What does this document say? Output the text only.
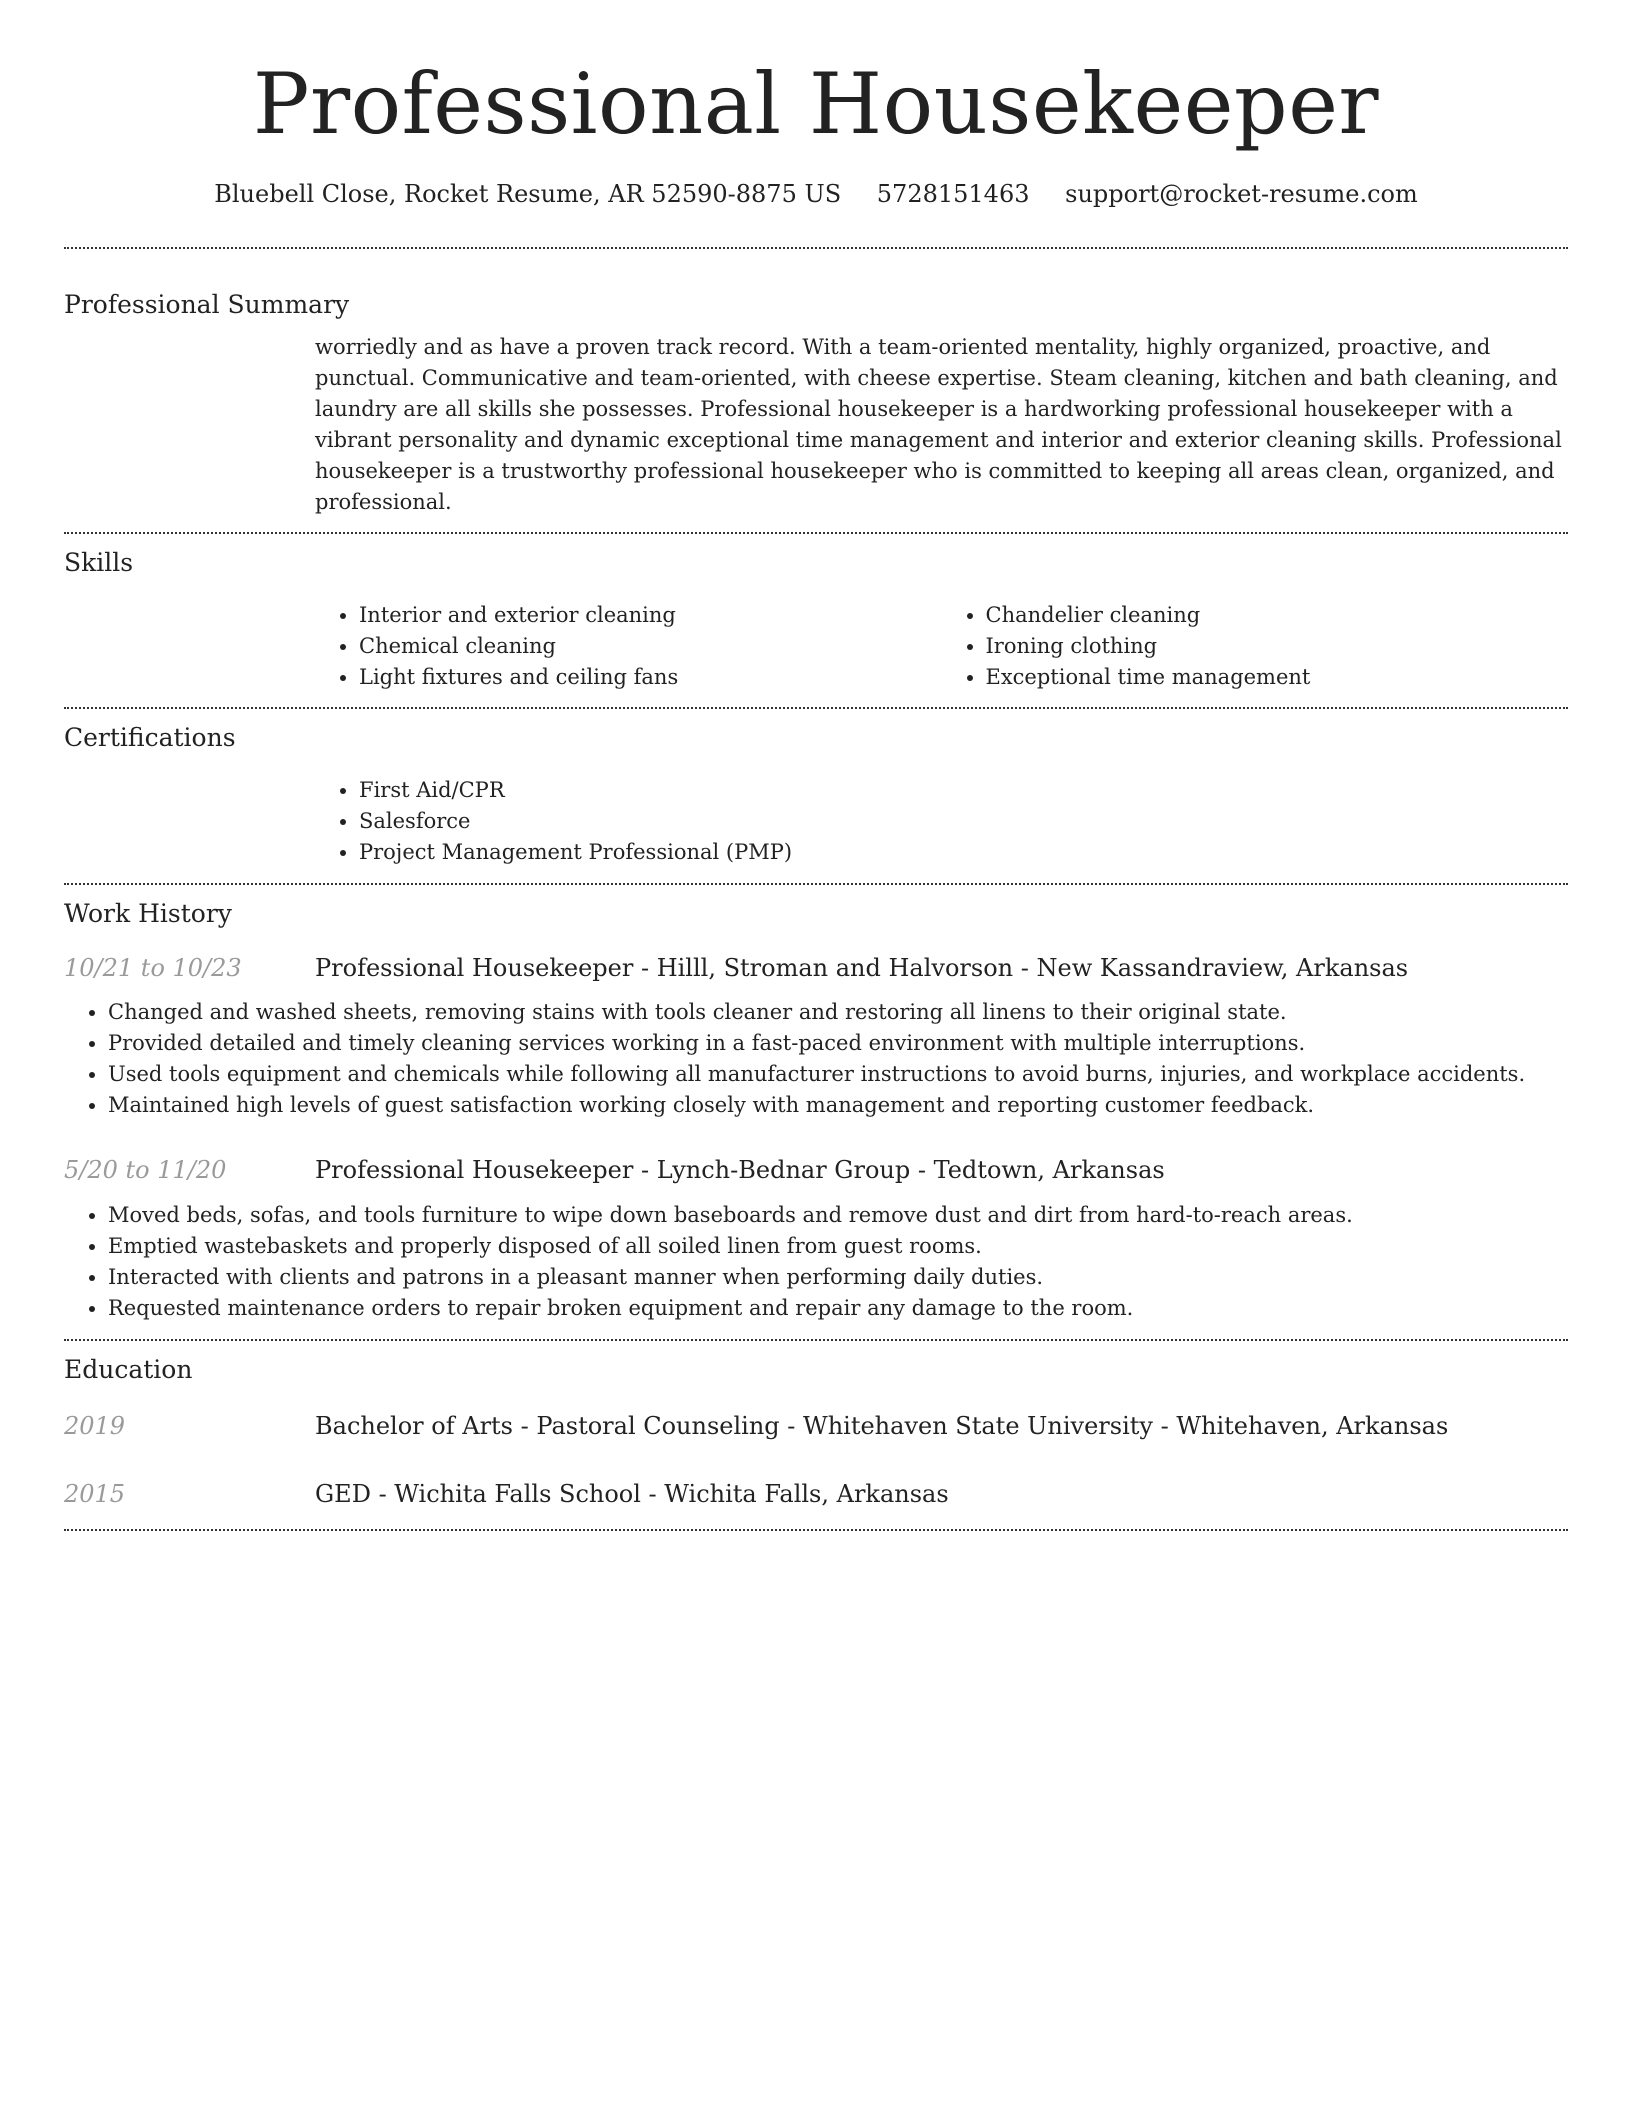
Professional Housekeeper
Bluebell Close, Rocket Resume, AR 52590-8875 US 5728151463 support@rocket-resume.com
Professional Summary

worriedly and as have a proven track record. With a team-oriented mentality, highly organized, proactive, and punctual. Communicative and team-oriented, with cheese expertise. Steam cleaning, kitchen and bath cleaning, and laundry are all skills she possesses. Professional housekeeper is a hardworking professional housekeeper with a vibrant personality and dynamic exceptional time management and interior and exterior cleaning skills. Professional housekeeper is a trustworthy professional housekeeper who is committed to keeping all areas clean, organized, and professional.

Skills
• Interior and exterior cleaning
• Chemical cleaning
• Light fixtures and ceiling fans
• Chandelier cleaning
• Ironing clothing
• Exceptional time management
Certifications
• First Aid/CPR
• Salesforce
• Project Management Professional (PMP)
Work History
10/21 to 10/23	Professional Housekeeper - Hilll, Stroman and Halvorson - New Kassandraview, Arkansas
• Changed and washed sheets, removing stains with tools cleaner and restoring all linens to their original state.
• Provided detailed and timely cleaning services working in a fast-paced environment with multiple interruptions.
• Used tools equipment and chemicals while following all manufacturer instructions to avoid burns, injuries, and workplace accidents.
• Maintained high levels of guest satisfaction working closely with management and reporting customer feedback.
5/20 to 11/20	Professional Housekeeper - Lynch-Bednar Group - Tedtown, Arkansas
• Moved beds, sofas, and tools furniture to wipe down baseboards and remove dust and dirt from hard-to-reach areas.
• Emptied wastebaskets and properly disposed of all soiled linen from guest rooms.
• Interacted with clients and patrons in a pleasant manner when performing daily duties.
• Requested maintenance orders to repair broken equipment and repair any damage to the room.
Education
2019	Bachelor of Arts - Pastoral Counseling - Whitehaven State University - Whitehaven, Arkansas
2015	GED - Wichita Falls School - Wichita Falls, Arkansas
